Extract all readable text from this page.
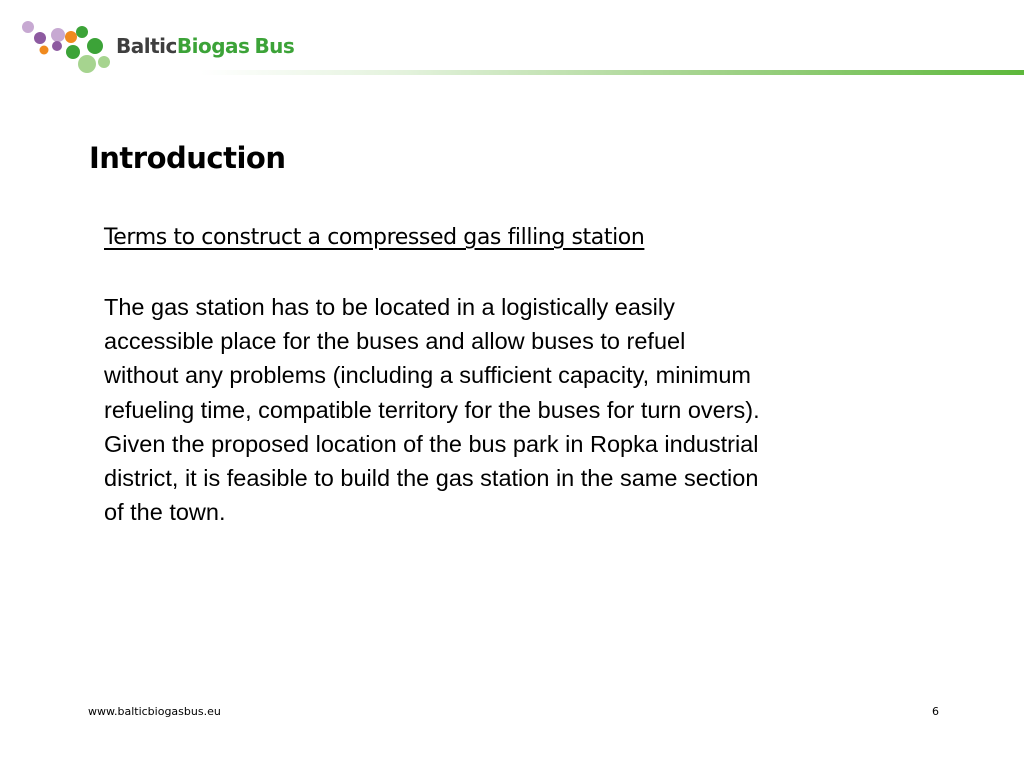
BalticBiogas Bus
Introduction
Terms to construct a compressed gas filling station
The gas station has to be located in a logistically easily
accessible place for the buses and allow buses to refuel
without any problems (including a sufficient capacity, minimum
refueling time, compatible territory for the buses for turn overs).
Given the proposed location of the bus park in Ropka industrial
district, it is feasible to build the gas station in the same section
of the town.
www.balticbiogasbus.eu	6
